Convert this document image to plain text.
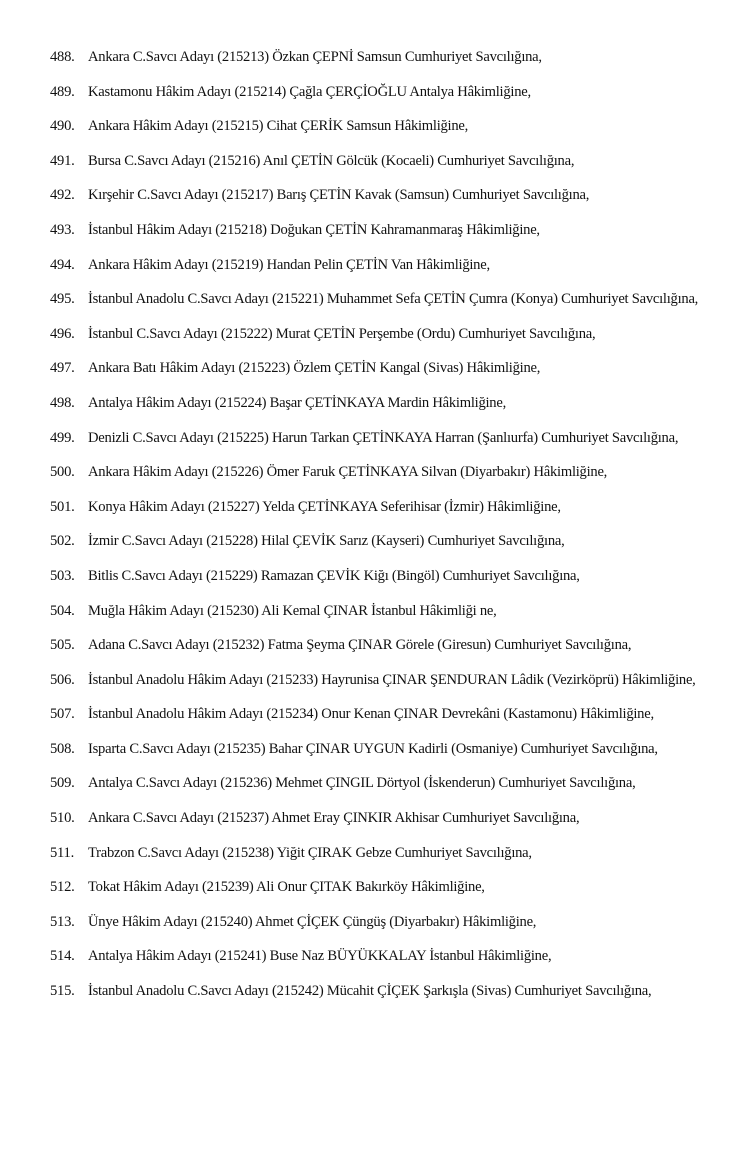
488. Ankara C.Savcı Adayı (215213) Özkan ÇEPNİ Samsun Cumhuriyet Savcılığına,
489. Kastamonu Hâkim Adayı (215214) Çağla ÇERÇİOĞLU Antalya Hâkimliğine,
490. Ankara Hâkim Adayı (215215) Cihat ÇERİK Samsun Hâkimliğine,
491. Bursa C.Savcı Adayı (215216) Anıl ÇETİN Gölcük (Kocaeli) Cumhuriyet Savcılığına,
492. Kırşehir C.Savcı Adayı (215217) Barış ÇETİN Kavak (Samsun) Cumhuriyet Savcılığına,
493. İstanbul Hâkim Adayı (215218) Doğukan ÇETİN Kahramanmaraş Hâkimliğine,
494. Ankara Hâkim Adayı (215219) Handan Pelin ÇETİN Van Hâkimliğine,
495. İstanbul Anadolu C.Savcı Adayı (215221) Muhammet Sefa ÇETİN Çumra (Konya) Cumhuriyet Savcılığına,
496. İstanbul C.Savcı Adayı (215222) Murat ÇETİN Perşembe (Ordu) Cumhuriyet Savcılığına,
497. Ankara Batı Hâkim Adayı (215223) Özlem ÇETİN Kangal (Sivas) Hâkimliğine,
498. Antalya Hâkim Adayı (215224) Başar ÇETİNKAYA Mardin Hâkimliğine,
499. Denizli C.Savcı Adayı (215225) Harun Tarkan ÇETİNKAYA Harran (Şanlıurfa) Cumhuriyet Savcılığına,
500. Ankara Hâkim Adayı (215226) Ömer Faruk ÇETİNKAYA Silvan (Diyarbakır) Hâkimliğine,
501. Konya Hâkim Adayı (215227) Yelda ÇETİNKAYA Seferihisar (İzmir) Hâkimliğine,
502. İzmir C.Savcı Adayı (215228) Hilal ÇEVİK Sarız (Kayseri) Cumhuriyet Savcılığına,
503. Bitlis C.Savcı Adayı (215229) Ramazan ÇEVİK Kiğı (Bingöl) Cumhuriyet Savcılığına,
504. Muğla Hâkim Adayı (215230) Ali Kemal ÇINAR İstanbul Hâkimliği ne,
505. Adana C.Savcı Adayı (215232) Fatma Şeyma ÇINAR Görele (Giresun) Cumhuriyet Savcılığına,
506. İstanbul Anadolu Hâkim Adayı (215233) Hayrunisa ÇINAR ŞENDURAN Lâdik (Vezirköprü) Hâkimliğine,
507. İstanbul Anadolu Hâkim Adayı (215234) Onur Kenan ÇINAR Devrekâni (Kastamonu) Hâkimliğine,
508. Isparta C.Savcı Adayı (215235) Bahar ÇINAR UYGUN Kadirli (Osmaniye) Cumhuriyet Savcılığına,
509. Antalya C.Savcı Adayı (215236) Mehmet ÇINGIL Dörtyol (İskenderun) Cumhuriyet Savcılığına,
510. Ankara C.Savcı Adayı (215237) Ahmet Eray ÇINKIR Akhisar Cumhuriyet Savcılığına,
511. Trabzon C.Savcı Adayı (215238) Yiğit ÇIRAK Gebze Cumhuriyet Savcılığına,
512. Tokat Hâkim Adayı (215239) Ali Onur ÇITAK Bakırköy Hâkimliğine,
513. Ünye Hâkim Adayı (215240) Ahmet ÇİÇEK Çüngüş (Diyarbakır) Hâkimliğine,
514. Antalya Hâkim Adayı (215241) Buse Naz BÜYÜKKALAY İstanbul Hâkimliğine,
515. İstanbul Anadolu C.Savcı Adayı (215242) Mücahit ÇİÇEK Şarkışla (Sivas) Cumhuriyet Savcılığına,
